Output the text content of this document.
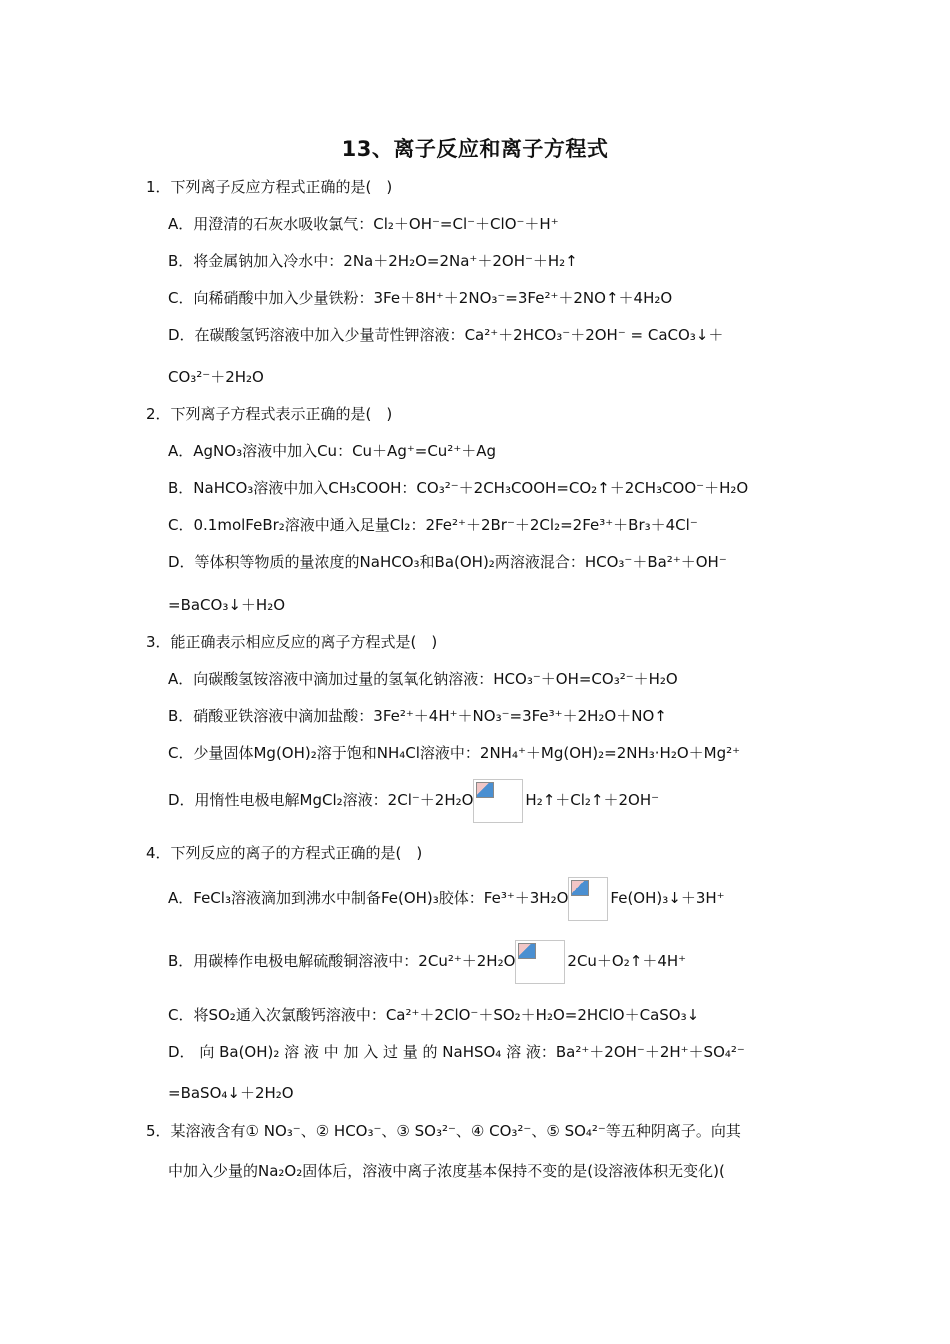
13、离子反应和离子方程式
1．下列离子反应方程式正确的是(　)
A．用澄清的石灰水吸收氯气：Cl₂＋OH⁻=Cl⁻＋ClO⁻＋H⁺
B．将金属钠加入冷水中：2Na＋2H₂O=2Na⁺＋2OH⁻＋H₂↑
C．向稀硝酸中加入少量铁粉：3Fe＋8H⁺＋2NO₃⁻=3Fe²⁺＋2NO↑＋4H₂O
D．在碳酸氢钙溶液中加入少量苛性钾溶液：Ca²⁺＋2HCO₃⁻＋2OH⁻ = CaCO₃↓＋
CO₃²⁻＋2H₂O
2．下列离子方程式表示正确的是(　)
A．AgNO₃溶液中加入Cu：Cu＋Ag⁺=Cu²⁺＋Ag
B．NaHCO₃溶液中加入CH₃COOH：CO₃²⁻＋2CH₃COOH=CO₂↑＋2CH₃COO⁻＋H₂O
C．0.1molFeBr₂溶液中通入足量Cl₂：2Fe²⁺＋2Br⁻＋2Cl₂=2Fe³⁺＋Br₃＋4Cl⁻
D．等体积等物质的量浓度的NaHCO₃和Ba(OH)₂两溶液混合：HCO₃⁻＋Ba²⁺＋OH⁻
=BaCO₃↓＋H₂O
3．能正确表示相应反应的离子方程式是(　)
A．向碳酸氢铵溶液中滴加过量的氢氧化钠溶液：HCO₃⁻＋OH=CO₃²⁻＋H₂O
B．硝酸亚铁溶液中滴加盐酸：3Fe²⁺＋4H⁺＋NO₃⁻=3Fe³⁺＋2H₂O＋NO↑
C．少量固体Mg(OH)₂溶于饱和NH₄Cl溶液中：2NH₄⁺＋Mg(OH)₂=2NH₃·H₂O＋Mg²⁺
D．用惰性电极电解MgCl₂溶液：2Cl⁻＋2H₂O	H₂↑＋Cl₂↑＋2OH⁻
4．下列反应的离子的方程式正确的是(　)
A．FeCl₃溶液滴加到沸水中制备Fe(OH)₃胶体：Fe³⁺＋3H₂O	Fe(OH)₃↓＋3H⁺
B．用碳棒作电极电解硫酸铜溶液中：2Cu²⁺＋2H₂O	2Cu＋O₂↑＋4H⁺
C．将SO₂通入次氯酸钙溶液中：Ca²⁺＋2ClO⁻＋SO₂＋H₂O=2HClO＋CaSO₃↓
D． 向 Ba(OH)₂ 溶 液 中 加 入 过 量 的 NaHSO₄ 溶 液：Ba²⁺＋2OH⁻＋2H⁺＋SO₄²⁻
=BaSO₄↓＋2H₂O
5．某溶液含有① NO₃⁻、② HCO₃⁻、③ SO₃²⁻、④ CO₃²⁻、⑤ SO₄²⁻等五种阴离子。向其
中加入少量的Na₂O₂固体后，溶液中离子浓度基本保持不变的是(设溶液体积无变化)(
